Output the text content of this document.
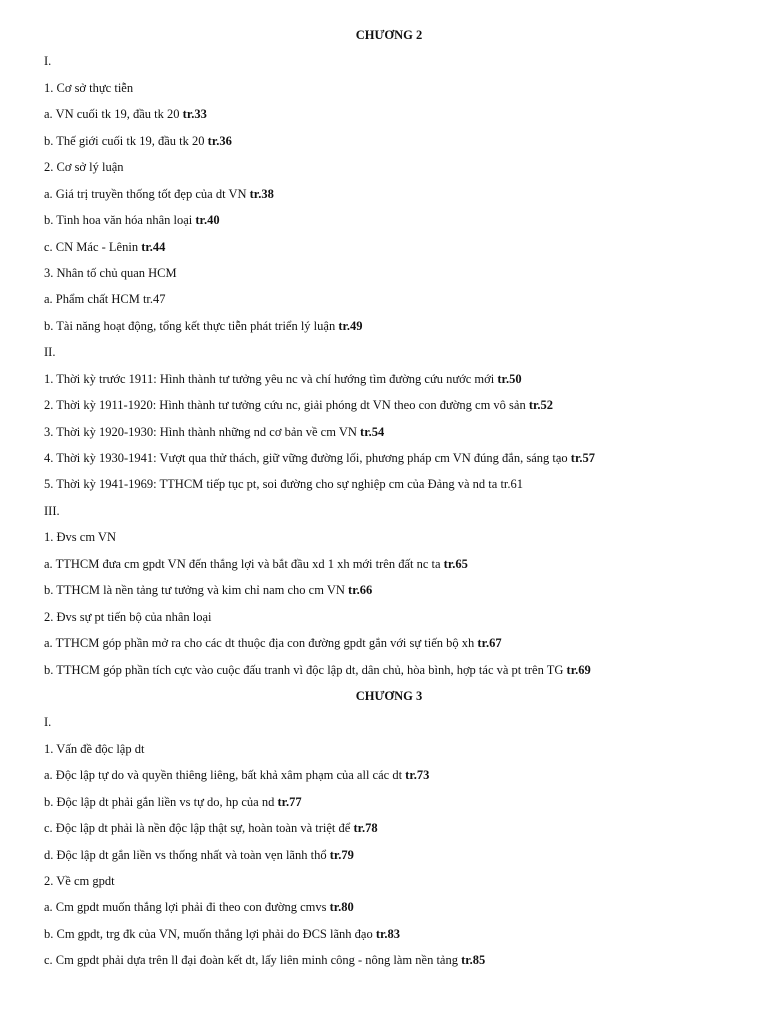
CHƯƠNG 2
I.
1. Cơ sở thực tiễn
a. VN cuối tk 19, đầu tk 20 tr.33
b. Thế giới cuối tk 19, đầu tk 20 tr.36
2. Cơ sở lý luận
a. Giá trị truyền thống tốt đẹp của dt VN tr.38
b. Tinh hoa văn hóa nhân loại tr.40
c. CN Mác - Lênin tr.44
3. Nhân tố chủ quan HCM
a. Phẩm chất HCM tr.47
b. Tài năng hoạt động, tổng kết thực tiễn phát triển lý luận tr.49
II.
1. Thời kỳ trước 1911: Hình thành tư tưởng yêu nc và chí hướng tìm đường cứu nước mới tr.50
2. Thời kỳ 1911-1920: Hình thành tư tưởng cứu nc, giải phóng dt VN theo con đường cm vô sản tr.52
3. Thời kỳ 1920-1930: Hình thành những nd cơ bản về cm VN tr.54
4. Thời kỳ 1930-1941: Vượt qua thử thách, giữ vững đường lối, phương pháp cm VN đúng đắn, sáng tạo tr.57
5. Thời kỳ 1941-1969: TTHCM tiếp tục pt, soi đường cho sự nghiệp cm của Đảng và nd ta tr.61
III.
1. Đvs cm VN
a. TTHCM đưa cm gpdt VN đến thắng lợi và bắt đầu xd 1 xh mới trên đất nc ta tr.65
b. TTHCM là nền tảng tư tưởng và kim chỉ nam cho cm VN tr.66
2. Đvs sự pt tiến bộ của nhân loại
a. TTHCM góp phần mở ra cho các dt thuộc địa con đường gpdt gắn với sự tiến bộ xh tr.67
b. TTHCM góp phần tích cực vào cuộc đấu tranh vì độc lập dt, dân chủ, hòa bình, hợp tác và pt trên TG tr.69
CHƯƠNG 3
I.
1. Vấn đề độc lập dt
a. Độc lập tự do và quyền thiêng liêng, bất khả xâm phạm của all các dt tr.73
b. Độc lập dt phải gắn liền vs tự do, hp của nd tr.77
c. Độc lập dt phải là nền độc lập thật sự, hoàn toàn và triệt để tr.78
d. Độc lập dt gắn liền vs thống nhất và toàn vẹn lãnh thổ tr.79
2. Về cm gpdt
a. Cm gpdt muốn thắng lợi phải đi theo con đường cmvs tr.80
b. Cm gpdt, trg đk của VN, muốn thắng lợi phải do ĐCS lãnh đạo tr.83
c. Cm gpdt phải dựa trên ll đại đoàn kết dt, lấy liên minh công - nông làm nền tảng tr.85
